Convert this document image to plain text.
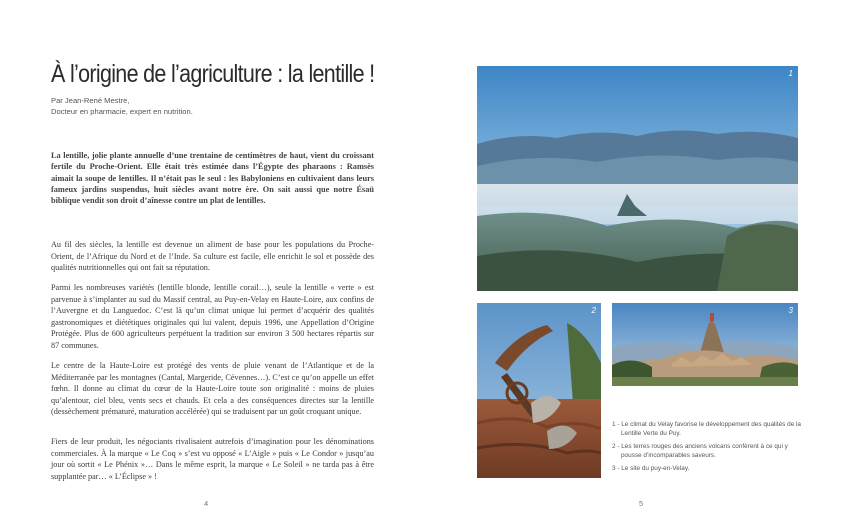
À l’origine de l’agriculture : la lentille !
Par Jean-René Mestre,
Docteur en pharmacie, expert en nutrition.

La lentille, jolie plante annuelle d’une trentaine de centimètres de haut, vient du croissant fertile du Proche-Orient. Elle était très estimée dans l’Égypte des pharaons : Ramsès aimait la soupe de lentilles. Il n’était pas le seul : les Babyloniens en cultivaient dans leurs fameux jardins suspendus, huit siècles avant notre ère. On sait aussi que notre Ésaü biblique vendit son droit d’aînesse contre un plat de lentilles.

Au fil des siècles, la lentille est devenue un aliment de base pour les populations du Proche-Orient, de l’Afrique du Nord et de l’Inde. Sa culture est facile, elle enrichit le sol et possède des qualités nutritionnelles qui ont fait sa réputation.

Parmi les nombreuses variétés (lentille blonde, lentille corail…), seule la lentille « verte » est parvenue à s’implanter au sud du Massif central, au Puy-en-Velay en Haute-Loire, aux confins de l’Auvergne et du Languedoc. C’est là qu’un climat unique lui permet d’acquérir des qualités gastronomiques et diététiques originales qui lui valent, depuis 1996, une Appellation d’Origine Protégée. Plus de 600 agriculteurs perpétuent la tradition sur environ 3 500 hectares répartis sur 87 communes.

Le centre de la Haute-Loire est protégé des vents de pluie venant de l’Atlantique et de la Méditerranée par les montagnes (Cantal, Margeride, Cévennes…). C’est ce qu’on appelle un effet fœhn. Il donne au climat du cœur de la Haute-Loire toute son originalité : moins de pluies qu’alentour, ciel bleu, vents secs et chauds. Et cela a des conséquences directes sur la lentille (dessèchement prématuré, maturation accélérée) qui se traduisent par un goût croquant unique.

Fiers de leur produit, les négociants rivalisaient autrefois d’imagination pour les dénominations commerciales. À la marque « Le Coq » s’est vu opposé « L’Aigle » puis « Le Condor » jusqu’au jour où sortit « Le Phénix »… Dans le même esprit, la marque « Le Soleil » ne tarda pas à être supplantée par… « L’Éclipse » !

4
1
2	3

1 - Le climat du Velay favorise le développement des qualités de la Lentille Verte du Puy.

2 - Les terres rouges des anciens volcans confèrent à ce qui y pousse d’incomparables saveurs.

3 - Le site du puy-en-Velay.

5
